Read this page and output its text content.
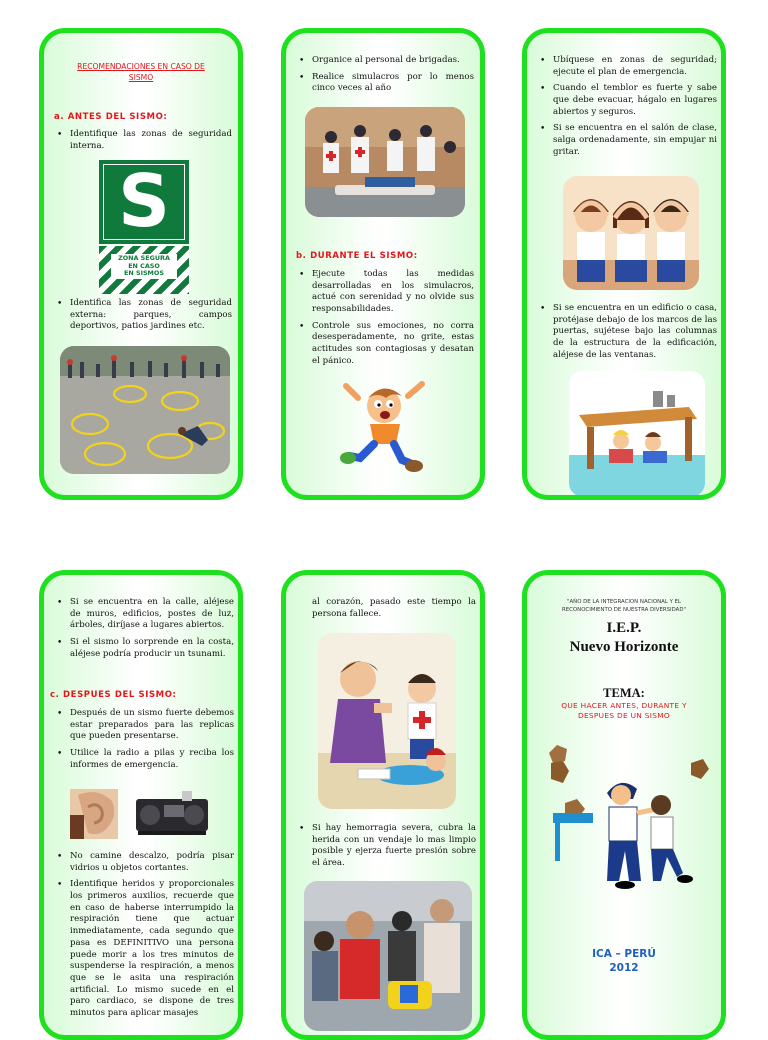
RECOMENDACIONES EN CASO DE
SISMO
a. ANTES DEL SISMO:
• Identifique las zonas de seguridad interna.
S
ZONA SEGURA
EN CASO
EN SISMOS
• Identifica las zonas de seguridad externa: parques, campos deportivos, patios jardines etc.
• Organice al personal de brigadas.
• Realice simulacros por lo menos cinco veces al año
b. DURANTE EL SISMO:
• Ejecute todas las medidas desarrolladas en los simulacros, actué con serenidad y no olvide sus responsabilidades.
• Controle sus emociones, no corra desesperadamente, no grite, estas actitudes son contagiosas y desatan el pánico.
• Ubíquese en zonas de seguridad; ejecute el plan de emergencia.
• Cuando el temblor es fuerte y sabe que debe evacuar, hágalo en lugares abiertos y seguros.
• Si se encuentra en el salón de clase, salga ordenadamente, sin empujar ni gritar.
• Si se encuentra en un edificio o casa, protéjase debajo de los marcos de las puertas, sujétese bajo las columnas de la estructura de la edificación, aléjese de las ventanas.
• Si se encuentra en la calle, aléjese de muros, edificios, postes de luz, árboles, diríjase a lugares abiertos.
• Si el sismo lo sorprende en la costa, aléjese podría producir un tsunami.
c. DESPUES DEL SISMO:
• Después de un sismo fuerte debemos estar preparados para las replicas que pueden presentarse.
• Utilice la radio a pilas y reciba los informes de emergencia.
• No camine descalzo, podría pisar vidrios u objetos cortantes.
• Identifique heridos y proporcionales los primeros auxilios, recuerde que en caso de haberse interrumpido la respiración tiene que actuar inmediatamente, cada segundo que pasa es DEFINITIVO una persona puede morir a los tres minutos de suspenderse la respiración, a menos que se le asita una respiración artificial. Lo mismo sucede en el paro cardiaco, se dispone de tres minutos para aplicar masajes
al corazón, pasado este tiempo la persona fallece.
• Si hay hemorragia severa, cubra la herida con un vendaje lo mas limpio posible y ejerza fuerte presión sobre el área.
"AÑO DE LA INTEGRACION NACIONAL Y EL
RECONOCIMIENTO DE NUESTRA DIVERSIDAD"
I.E.P.
Nuevo Horizonte
TEMA:
QUE HACER ANTES, DURANTE Y
DESPUES DE UN SISMO
ICA – PERÚ
2012
